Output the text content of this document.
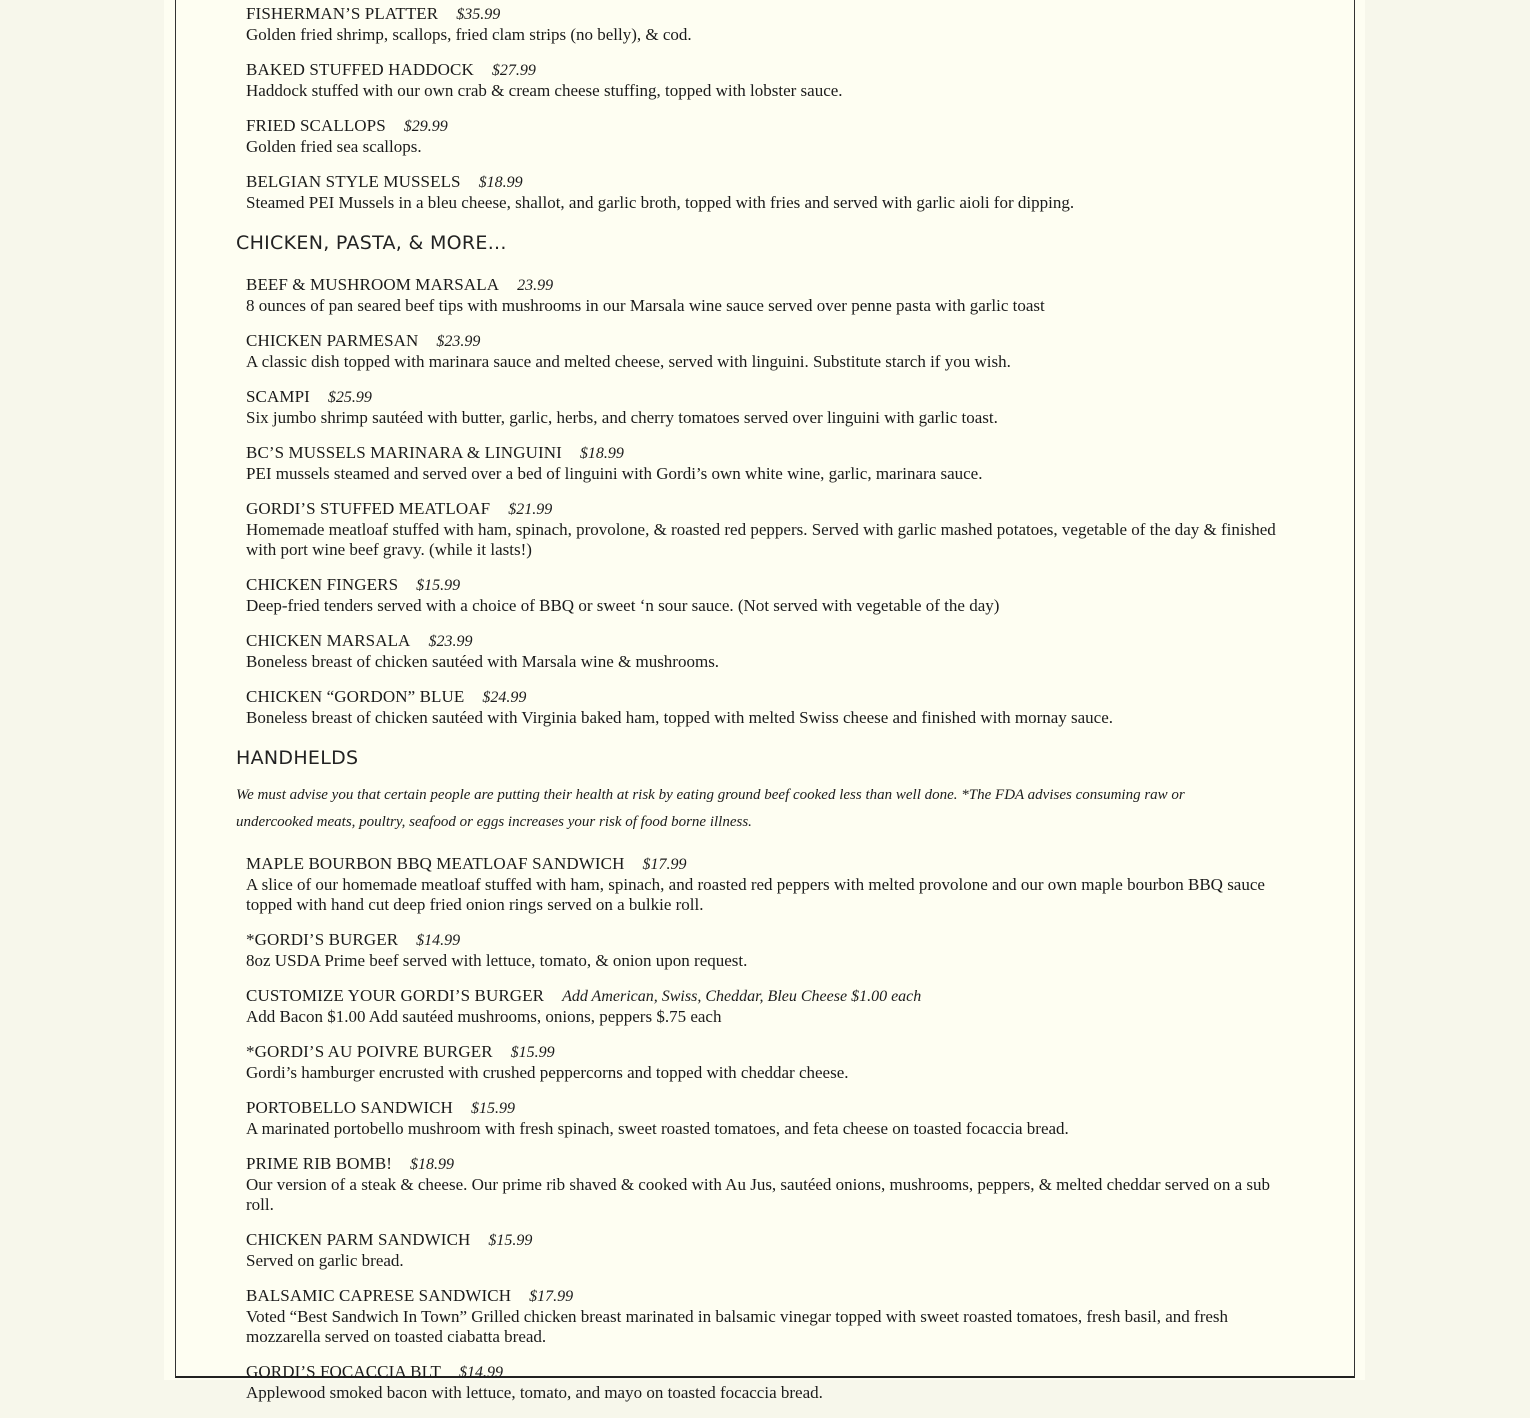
FISHERMAN’S PLATTER $35.99
Golden fried shrimp, scallops, fried clam strips (no belly), & cod.
BAKED STUFFED HADDOCK $27.99
Haddock stuffed with our own crab & cream cheese stuffing, topped with lobster sauce.
FRIED SCALLOPS $29.99
Golden fried sea scallops.
BELGIAN STYLE MUSSELS $18.99
Steamed PEI Mussels in a bleu cheese, shallot, and garlic broth, topped with fries and served with garlic aioli for dipping.
CHICKEN, PASTA, & MORE...
BEEF & MUSHROOM MARSALA 23.99
8 ounces of pan seared beef tips with mushrooms in our Marsala wine sauce served over penne pasta with garlic toast
CHICKEN PARMESAN $23.99
A classic dish topped with marinara sauce and melted cheese, served with linguini. Substitute starch if you wish.
SCAMPI $25.99
Six jumbo shrimp sautéed with butter, garlic, herbs, and cherry tomatoes served over linguini with garlic toast.
BC’S MUSSELS MARINARA & LINGUINI $18.99
PEI mussels steamed and served over a bed of linguini with Gordi’s own white wine, garlic, marinara sauce.
GORDI’S STUFFED MEATLOAF $21.99
Homemade meatloaf stuffed with ham, spinach, provolone, & roasted red peppers. Served with garlic mashed potatoes, vegetable of the day & finished with port wine beef gravy. (while it lasts!)
CHICKEN FINGERS $15.99
Deep-fried tenders served with a choice of BBQ or sweet ‘n sour sauce. (Not served with vegetable of the day)
CHICKEN MARSALA $23.99
Boneless breast of chicken sautéed with Marsala wine & mushrooms.
CHICKEN “GORDON” BLUE $24.99
Boneless breast of chicken sautéed with Virginia baked ham, topped with melted Swiss cheese and finished with mornay sauce.
HANDHELDS
We must advise you that certain people are putting their health at risk by eating ground beef cooked less than well done. *The FDA advises consuming raw or undercooked meats, poultry, seafood or eggs increases your risk of food borne illness.
MAPLE BOURBON BBQ MEATLOAF SANDWICH $17.99
A slice of our homemade meatloaf stuffed with ham, spinach, and roasted red peppers with melted provolone and our own maple bourbon BBQ sauce topped with hand cut deep fried onion rings served on a bulkie roll.
*GORDI’S BURGER $14.99
8oz USDA Prime beef served with lettuce, tomato, & onion upon request.
CUSTOMIZE YOUR GORDI’S BURGER Add American, Swiss, Cheddar, Bleu Cheese $1.00 each
Add Bacon $1.00 Add sautéed mushrooms, onions, peppers $.75 each
*GORDI’S AU POIVRE BURGER $15.99
Gordi’s hamburger encrusted with crushed peppercorns and topped with cheddar cheese.
PORTOBELLO SANDWICH $15.99
A marinated portobello mushroom with fresh spinach, sweet roasted tomatoes, and feta cheese on toasted focaccia bread.
PRIME RIB BOMB! $18.99
Our version of a steak & cheese. Our prime rib shaved & cooked with Au Jus, sautéed onions, mushrooms, peppers, & melted cheddar served on a sub roll.
CHICKEN PARM SANDWICH $15.99
Served on garlic bread.
BALSAMIC CAPRESE SANDWICH $17.99
Voted “Best Sandwich In Town” Grilled chicken breast marinated in balsamic vinegar topped with sweet roasted tomatoes, fresh basil, and fresh mozzarella served on toasted ciabatta bread.
GORDI’S FOCACCIA BLT $14.99
Applewood smoked bacon with lettuce, tomato, and mayo on toasted focaccia bread.
